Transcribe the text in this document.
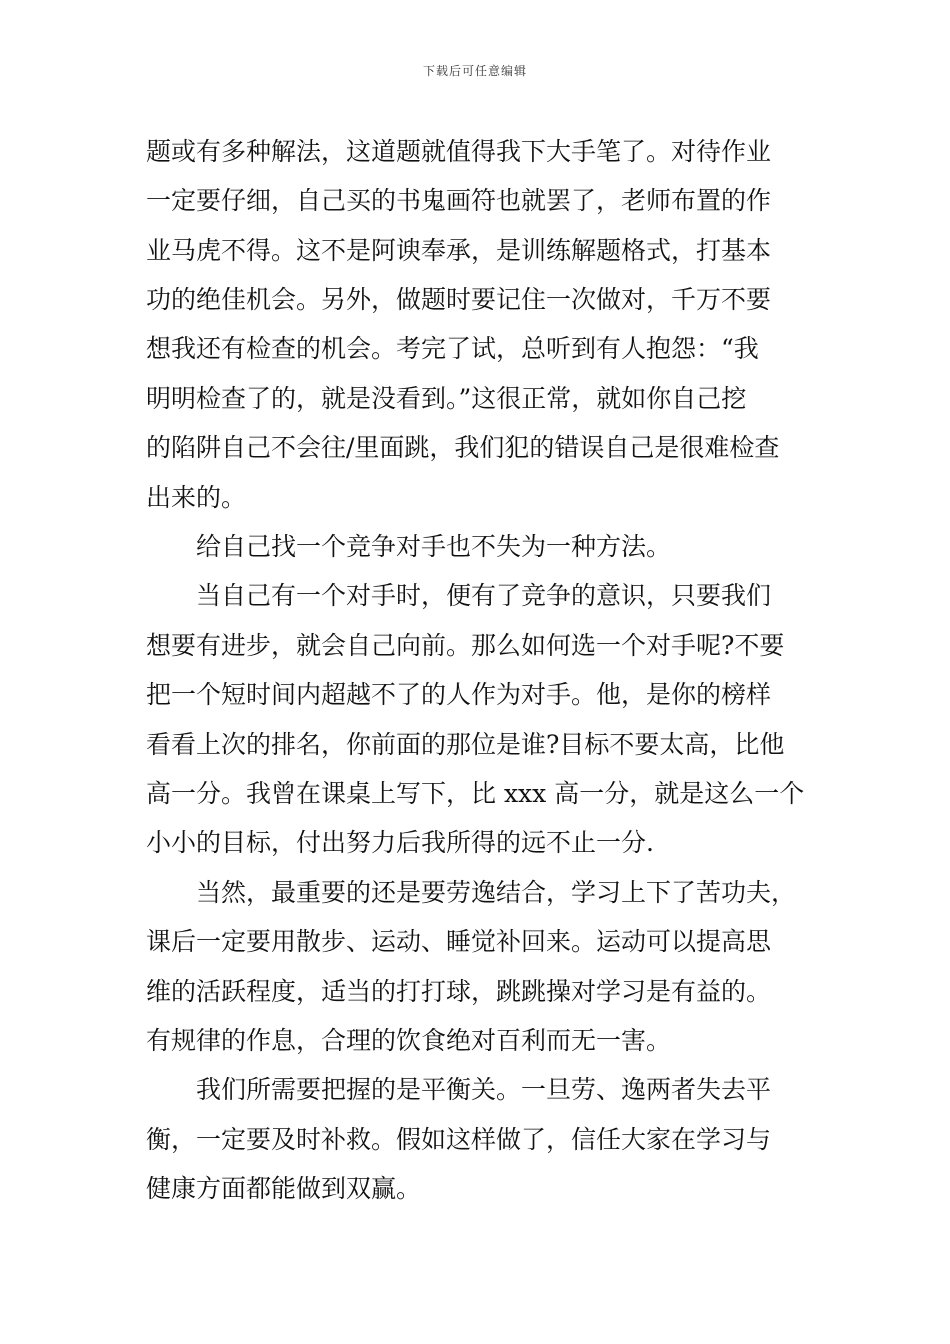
下载后可任意编辑
题或有多种解法，这道题就值得我下大手笔了。对待作业
一定要仔细，自己买的书鬼画符也就罢了，老师布置的作
业马虎不得。这不是阿谀奉承，是训练解题格式，打基本
功的绝佳机会。另外，做题时要记住一次做对，千万不要
想我还有检查的机会。考完了试，总听到有人抱怨：“我
明明检查了的，就是没看到。”这很正常，就如你自己挖
的陷阱自己不会往/里面跳，我们犯的错误自己是很难检查
出来的。
给自己找一个竞争对手也不失为一种方法。
当自己有一个对手时，便有了竞争的意识，只要我们
想要有进步，就会自己向前。那么如何选一个对手呢?不要
把一个短时间内超越不了的人作为对手。他，是你的榜样
看看上次的排名，你前面的那位是谁?目标不要太高，比他
高一分。我曾在课桌上写下，比 xxx 高一分，就是这么一个
小小的目标，付出努力后我所得的远不止一分.
当然，最重要的还是要劳逸结合，学习上下了苦功夫，
课后一定要用散步、运动、睡觉补回来。运动可以提高思
维的活跃程度，适当的打打球，跳跳操对学习是有益的。
有规律的作息，合理的饮食绝对百利而无一害。
我们所需要把握的是平衡关。一旦劳、逸两者失去平
衡，一定要及时补救。假如这样做了，信任大家在学习与
健康方面都能做到双赢。
